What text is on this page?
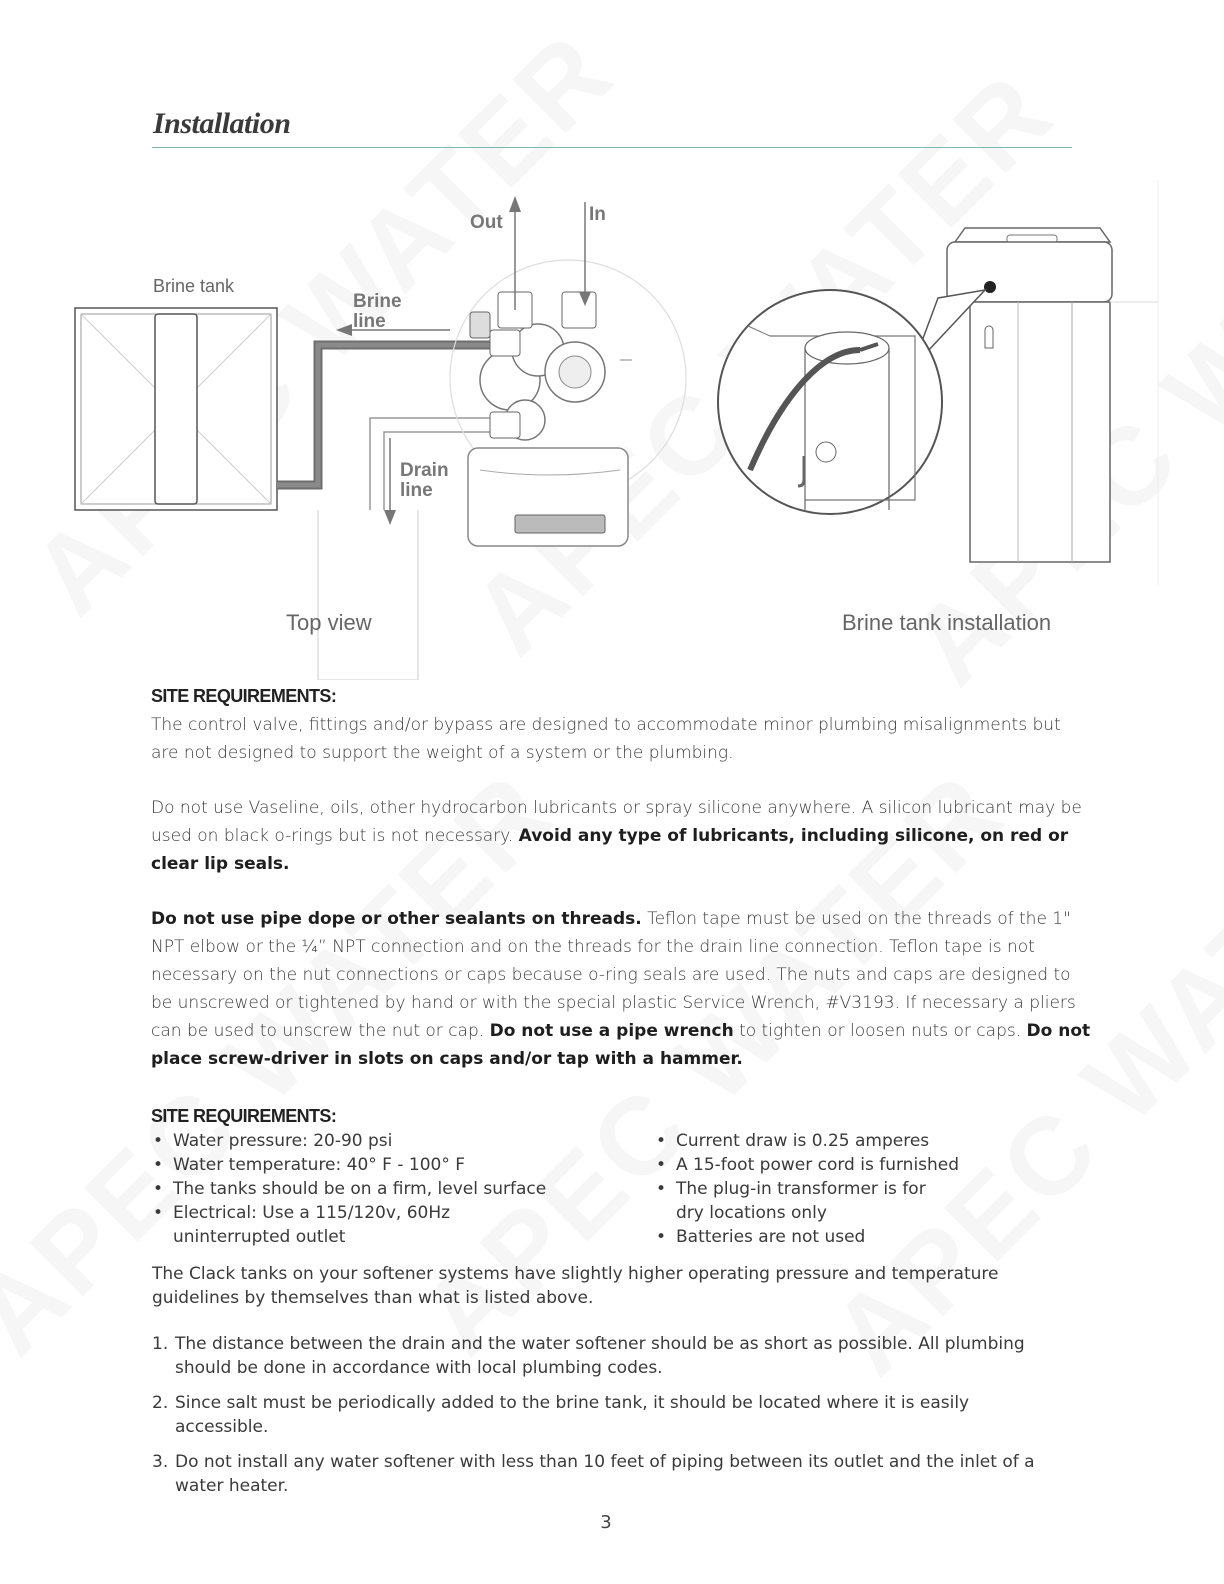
Installation
Brine tank
Brine
line
Drain
line
Out	In
Top view	Brine tank installation
SITE REQUIREMENTS:
The control valve, fittings and/or bypass are designed to accommodate minor plumbing misalignments but are not designed to support the weight of a system or the plumbing.
Do not use Vaseline, oils, other hydrocarbon lubricants or spray silicone anywhere. A silicon lubricant may be used on black o-rings but is not necessary. Avoid any type of lubricants, including silicone, on red or clear lip seals.
Do not use pipe dope or other sealants on threads. Teflon tape must be used on the threads of the 1" NPT elbow or the ¼” NPT connection and on the threads for the drain line connection. Teflon tape is not necessary on the nut connections or caps because o-ring seals are used. The nuts and caps are designed to be unscrewed or tightened by hand or with the special plastic Service Wrench, #V3193. If necessary a pliers can be used to unscrew the nut or cap. Do not use a pipe wrench to tighten or loosen nuts or caps. Do not place screw-driver in slots on caps and/or tap with a hammer.
SITE REQUIREMENTS:
• Water pressure: 20-90 psi
• Water temperature: 40° F - 100° F
• The tanks should be on a firm, level surface
• Electrical: Use a 115/120v, 60Hz uninterrupted outlet
• Current draw is 0.25 amperes
• A 15-foot power cord is furnished
• The plug-in transformer is for dry locations only
• Batteries are not used
The Clack tanks on your softener systems have slightly higher operating pressure and temperature guidelines by themselves than what is listed above.
1. The distance between the drain and the water softener should be as short as possible. All plumbing should be done in accordance with local plumbing codes.
2. Since salt must be periodically added to the brine tank, it should be located where it is easily accessible.
3. Do not install any water softener with less than 10 feet of piping between its outlet and the inlet of a water heater.
3
